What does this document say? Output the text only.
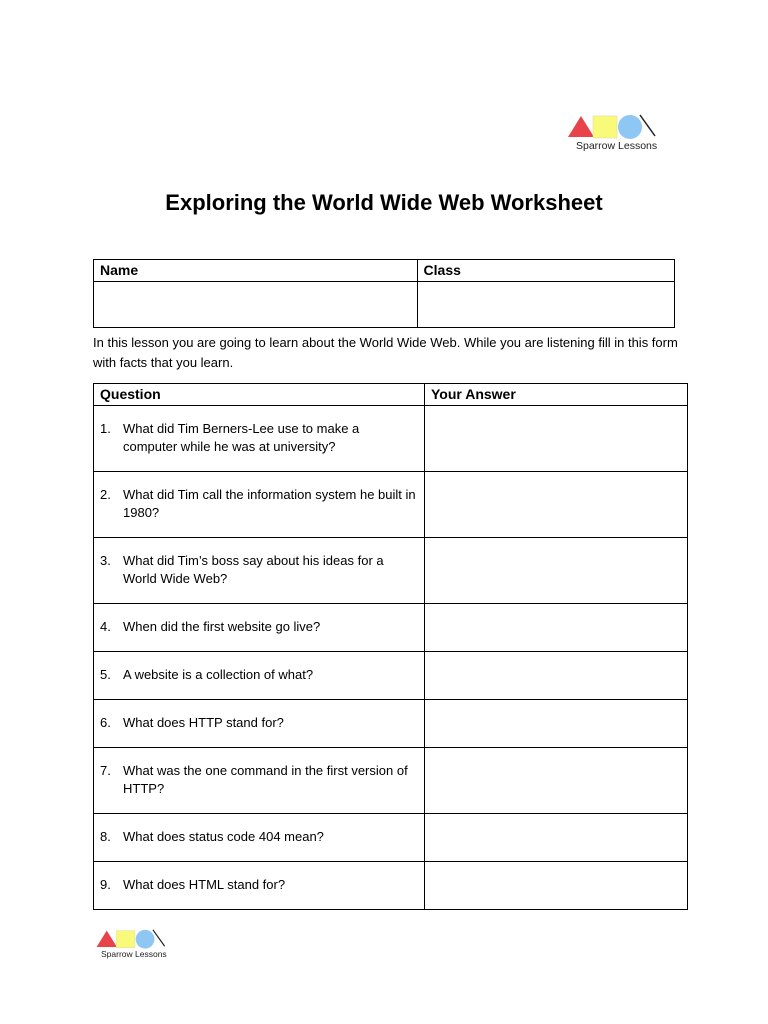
Sparrow Lessons
Exploring the World Wide Web Worksheet
Name	Class

In this lesson you are going to learn about the World Wide Web. While you are listening fill in this form with facts that you learn.
Question	Your Answer

1. What did Tim Berners-Lee use to make a computer while he was at university?	

2. What did Tim call the information system he built in 1980?	

3. What did Tim’s boss say about his ideas for a World Wide Web?	

4. When did the first website go live?	

5. A website is a collection of what?	

6. What does HTTP stand for?	

7. What was the one command in the first version of HTTP?	

8. What does status code 404 mean?	

9. What does HTML stand for?	

Sparrow Lessons
